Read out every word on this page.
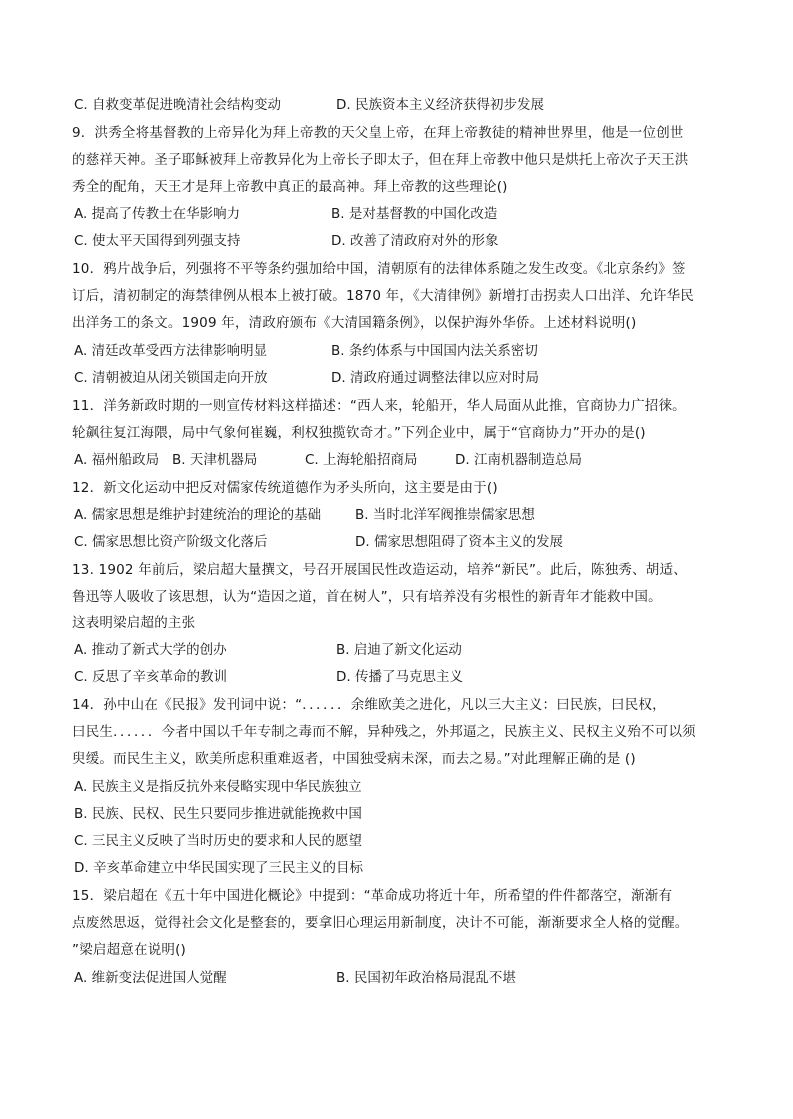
C. 自救变革促进晚清社会结构变动	D. 民族资本主义经济获得初步发展
9．洪秀全将基督教的上帝异化为拜上帝教的天父皇上帝，在拜上帝教徒的精神世界里，他是一位创世
的慈祥天神。圣子耶稣被拜上帝教异化为上帝长子即太子，但在拜上帝教中他只是烘托上帝次子天王洪
秀全的配角，天王才是拜上帝教中真正的最高神。拜上帝教的这些理论()
A. 提高了传教士在华影响力	B. 是对基督教的中国化改造
C. 使太平天国得到列强支持	D. 改善了清政府对外的形象
10．鸦片战争后，列强将不平等条约强加给中国，清朝原有的法律体系随之发生改变。《北京条约》签
订后，清初制定的海禁律例从根本上被打破。1870 年，《大清律例》新增打击拐卖人口出洋、允许华民
出洋务工的条文。1909 年，清政府颁布《大清国籍条例》，以保护海外华侨。上述材料说明()
A. 清廷改革受西方法律影响明显	B. 条约体系与中国国内法关系密切
C. 清朝被迫从闭关锁国走向开放	D. 清政府通过调整法律以应对时局
11．洋务新政时期的一则宣传材料这样描述：“西人来，轮船开，华人局面从此推，官商协力广招徕。
轮飙往复江海隈，局中气象何崔巍，利权独揽钦奇才。”下列企业中，属于“官商协力”开办的是()
A. 福州船政局 B. 天津机器局	C. 上海轮船招商局	D. 江南机器制造总局
12．新文化运动中把反对儒家传统道德作为矛头所向，这主要是由于()
A. 儒家思想是维护封建统治的理论的基础	B. 当时北洋军阀推崇儒家思想
C. 儒家思想比资产阶级文化落后	D. 儒家思想阻碍了资本主义的发展
13. 1902 年前后，梁启超大量撰文，号召开展国民性改造运动，培养“新民”。此后，陈独秀、胡适、
鲁迅等人吸收了该思想，认为“造因之道，首在树人”，只有培养没有劣根性的新青年才能救中国。
这表明梁启超的主张
A. 推动了新式大学的创办	B. 启迪了新文化运动
C. 反思了辛亥革命的教训	D. 传播了马克思主义
14．孙中山在《民报》发刊词中说：“．．．．．．余维欧美之进化，凡以三大主义：曰民族，曰民权，
曰民生．．．．．．今者中国以千年专制之毒而不解，异种残之，外邦逼之，民族主义、民权主义殆不可以须
臾缓。而民生主义，欧美所虑积重难返者，中国独受病未深，而去之易。”对此理解正确的是 ()
A. 民族主义是指反抗外来侵略实现中华民族独立
B. 民族、民权、民生只要同步推进就能挽救中国
C. 三民主义反映了当时历史的要求和人民的愿望
D. 辛亥革命建立中华民国实现了三民主义的目标
15．梁启超在《五十年中国进化概论》中提到：“革命成功将近十年，所希望的件件都落空，渐渐有
点废然思返，觉得社会文化是整套的，要拿旧心理运用新制度，决计不可能，渐渐要求全人格的觉醒。
”梁启超意在说明()
A. 维新变法促进国人觉醒	B. 民国初年政治格局混乱不堪
